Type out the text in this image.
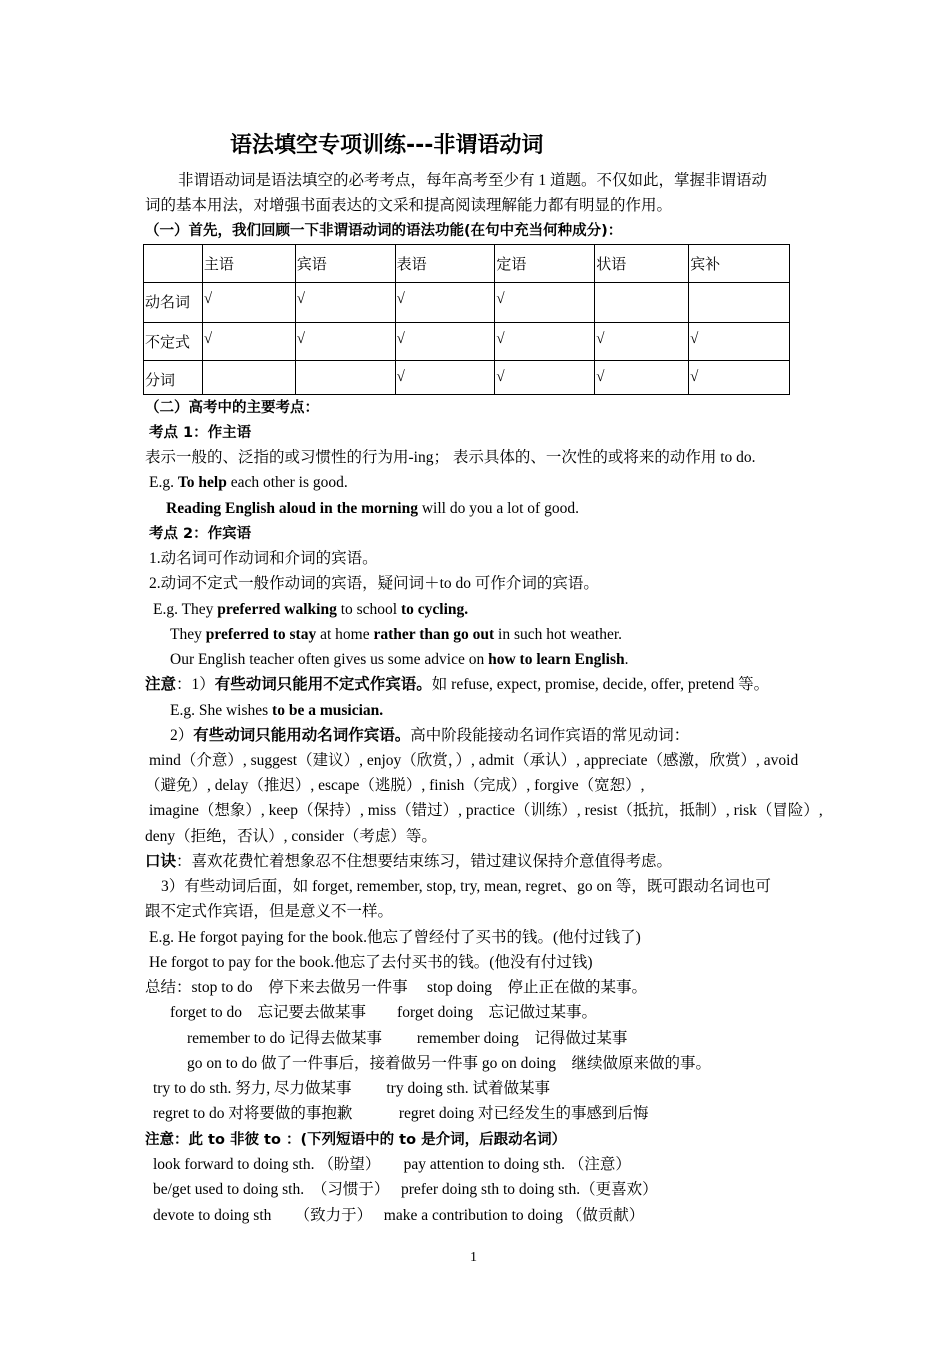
语法填空专项训练---非谓语动词
非谓语动词是语法填空的必考考点，每年高考至少有 1 道题。不仅如此，掌握非谓语动
词的基本用法，对增强书面表达的文采和提高阅读理解能力都有明显的作用。
（一）首先，我们回顾一下非谓语动词的语法功能(在句中充当何种成分)：
	主语	宾语	表语	定语	状语	宾补
动名词	√	√	√	√		
不定式	√	√	√	√	√	√
分词			√	√	√	√
（二）高考中的主要考点：
考点 1：作主语
表示一般的、泛指的或习惯性的行为用-ing； 表示具体的、一次性的或将来的动作用 to do.
E.g. To help each other is good.
Reading English aloud in the morning will do you a lot of good.
考点 2：作宾语
1.动名词可作动词和介词的宾语。
2.动词不定式一般作动词的宾语，疑问词＋to do 可作介词的宾语。
E.g. They preferred walking to school to cycling.
They preferred to stay at home rather than go out in such hot weather.
Our English teacher often gives us some advice on how to learn English.
注意：1）有些动词只能用不定式作宾语。如 refuse, expect, promise, decide, offer, pretend 等。
E.g. She wishes to be a musician.
2）有些动词只能用动名词作宾语。高中阶段能接动名词作宾语的常见动词：
mind（介意）, suggest（建议）, enjoy（欣赏，）, admit（承认）, appreciate（感激，欣赏）, avoid
（避免）, delay（推迟）, escape（逃脱）, finish（完成）, forgive（宽恕）,
imagine（想象）, keep（保持）, miss（错过）, practice（训练）, resist（抵抗，抵制）, risk（冒险）,
deny（拒绝，否认）, consider（考虑）等。
口诀：喜欢花费忙着想象忍不住想要结束练习，错过建议保持介意值得考虑。
3）有些动词后面，如 forget, remember, stop, try, mean, regret、go on 等，既可跟动名词也可
跟不定式作宾语，但是意义不一样。
E.g. He forgot paying for the book.他忘了曾经付了买书的钱。(他付过钱了)
He forgot to pay for the book.他忘了去付买书的钱。(他没有付过钱)
总结：stop to do　停下来去做另一件事　 stop doing　停止正在做的某事。
forget to do　忘记要去做某事　　forget doing　忘记做过某事。
remember to do 记得去做某事　　 remember doing　记得做过某事
go on to do 做了一件事后，接着做另一件事 go on doing　继续做原来做的事。
try to do sth. 努力, 尽力做某事　　 try doing sth. 试着做某事
regret to do 对将要做的事抱歉　　　regret doing 对已经发生的事感到后悔
注意：此 to 非彼 to ：(下列短语中的 to 是介词，后跟动名词）
look forward to doing sth. （盼望）　　pay attention to doing sth. （注意）
be/get used to doing sth.　（习惯于）　 prefer doing sth to doing sth.（更喜欢）
devote to doing sth　　（致力于）　 make a contribution to doing （做贡献）
1
